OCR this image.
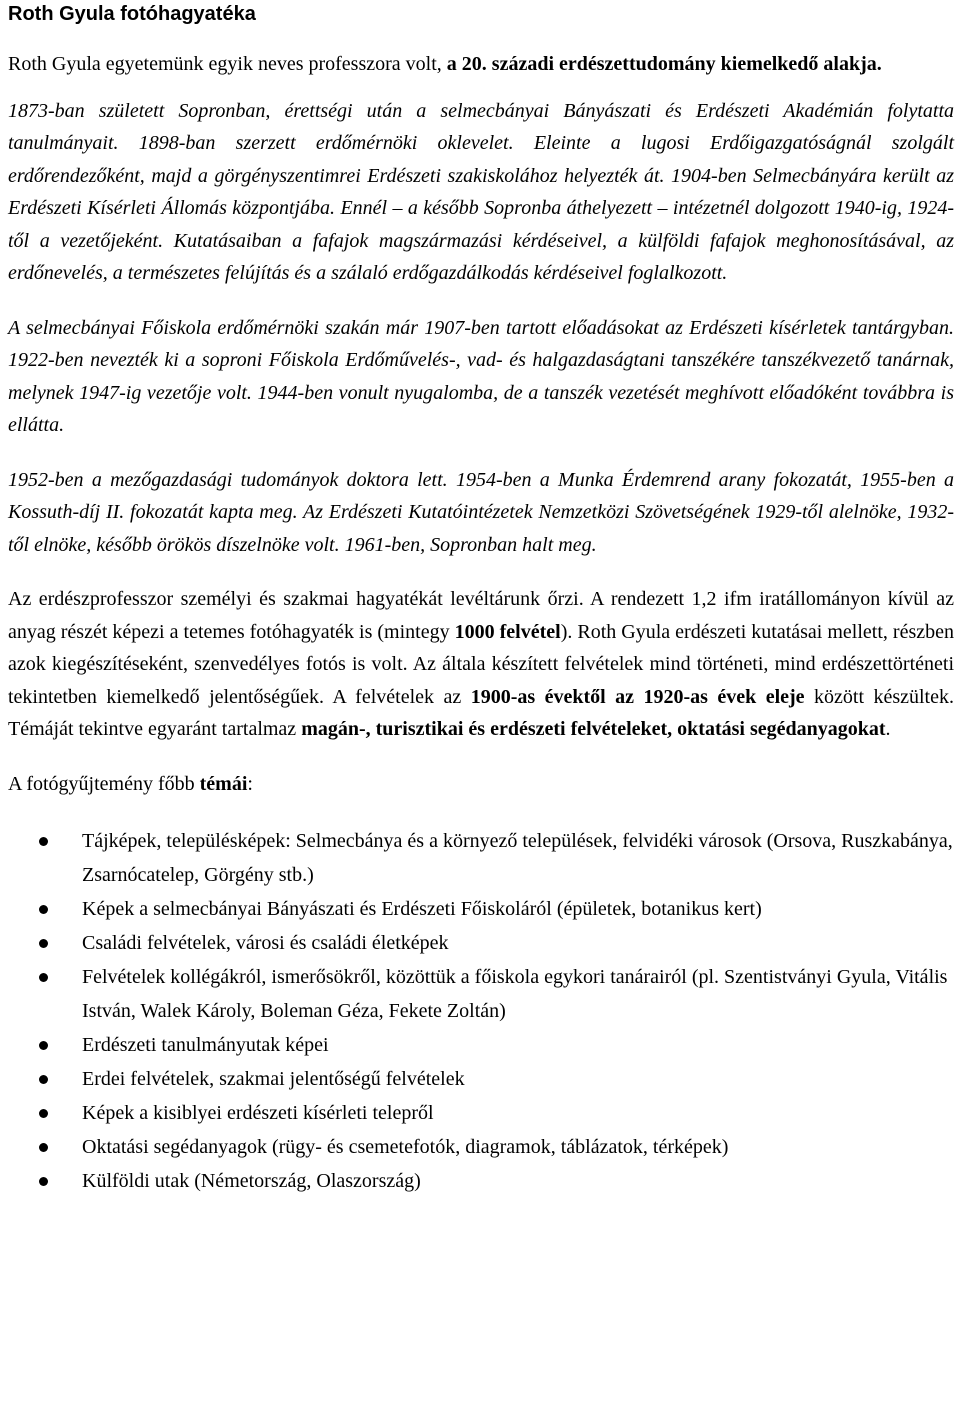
Roth Gyula fotóhagyatéka

Roth Gyula egyetemünk egyik neves professzora volt, a 20. századi erdészettudomány kiemelkedő alakja.

1873-ban született Sopronban, érettségi után a selmecbányai Bányászati és Erdészeti Akadémián folytatta tanulmányait. 1898-ban szerzett erdőmérnöki oklevelet. Eleinte a lugosi Erdőigazgatóságnál szolgált erdőrendezőként, majd a görgényszentimrei Erdészeti szakiskolához helyezték át. 1904-ben Selmecbányára került az Erdészeti Kísérleti Állomás központjába. Ennél – a később Sopronba áthelyezett – intézetnél dolgozott 1940-ig, 1924-től a vezetőjeként. Kutatásaiban a fafajok magszármazási kérdéseivel, a külföldi fafajok meghonosításával, az erdőnevelés, a természetes felújítás és a szálaló erdőgazdálkodás kérdéseivel foglalkozott.

A selmecbányai Főiskola erdőmérnöki szakán már 1907-ben tartott előadásokat az Erdészeti kísérletek tantárgyban. 1922-ben nevezték ki a soproni Főiskola Erdőművelés-, vad- és halgazdaságtani tanszékére tanszékvezető tanárnak, melynek 1947-ig vezetője volt. 1944-ben vonult nyugalomba, de a tanszék vezetését meghívott előadóként továbbra is ellátta.

1952-ben a mezőgazdasági tudományok doktora lett. 1954-ben a Munka Érdemrend arany fokozatát, 1955-ben a Kossuth-díj II. fokozatát kapta meg. Az Erdészeti Kutatóintézetek Nemzetközi Szövetségének 1929-től alelnöke, 1932-től elnöke, később örökös díszelnöke volt. 1961-ben, Sopronban halt meg.

Az erdészprofesszor személyi és szakmai hagyatékát levéltárunk őrzi. A rendezett 1,2 ifm iratállományon kívül az anyag részét képezi a tetemes fotóhagyaték is (mintegy 1000 felvétel). Roth Gyula erdészeti kutatásai mellett, részben azok kiegészítéseként, szenvedélyes fotós is volt. Az általa készített felvételek mind történeti, mind erdészettörténeti tekintetben kiemelkedő jelentőségűek. A felvételek az 1900-as évektől az 1920-as évek eleje között készültek. Témáját tekintve egyaránt tartalmaz magán-, turisztikai és erdészeti felvételeket, oktatási segédanyagokat.

A fotógyűjtemény főbb témái:

Tájképek, településképek: Selmecbánya és a környező települések, felvidéki városok (Orsova, Ruszkabánya, Zsarnócatelep, Görgény stb.)
Képek a selmecbányai Bányászati és Erdészeti Főiskoláról (épületek, botanikus kert)
Családi felvételek, városi és családi életképek
Felvételek kollégákról, ismerősökről, közöttük a főiskola egykori tanárairól (pl. Szentistványi Gyula, Vitális István, Walek Károly, Boleman Géza, Fekete Zoltán)
Erdészeti tanulmányutak képei
Erdei felvételek, szakmai jelentőségű felvételek
Képek a kisiblyei erdészeti kísérleti telepről
Oktatási segédanyagok (rügy- és csemetefotók, diagramok, táblázatok, térképek)
Külföldi utak (Németország, Olaszország)
